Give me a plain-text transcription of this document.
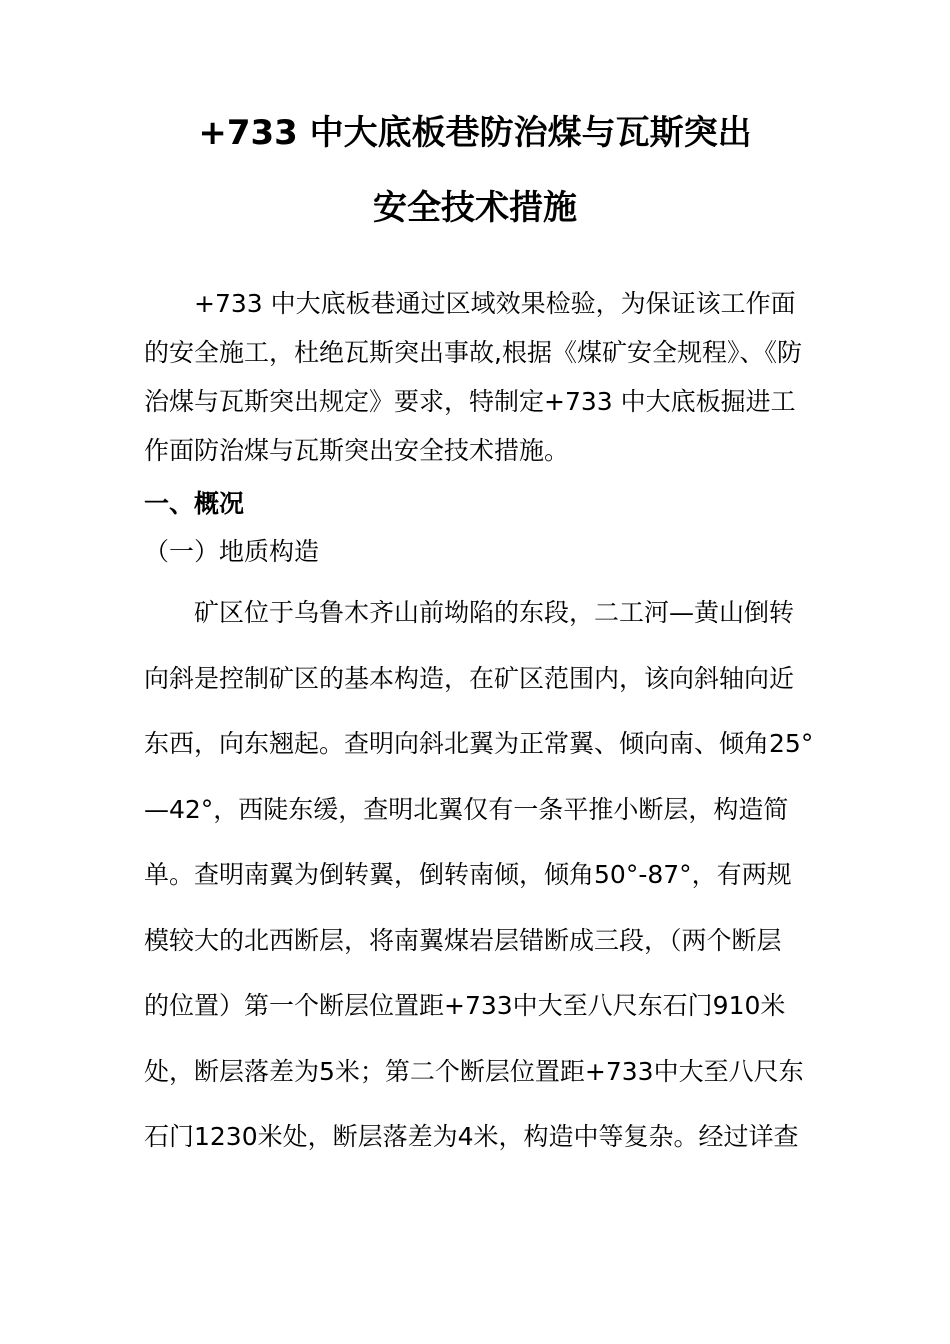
+733 中大底板巷防治煤与瓦斯突出
安全技术措施
+733 中大底板巷通过区域效果检验，为保证该工作面
的安全施工，杜绝瓦斯突出事故,根据《煤矿安全规程》、《防
治煤与瓦斯突出规定》要求，特制定+733 中大底板掘进工
作面防治煤与瓦斯突出安全技术措施。
一、概况
（一）地质构造
矿区位于乌鲁木齐山前坳陷的东段，二工河—黄山倒转
向斜是控制矿区的基本构造，在矿区范围内，该向斜轴向近
东西，向东翘起。查明向斜北翼为正常翼、倾向南、倾角25°
—42°，西陡东缓，查明北翼仅有一条平推小断层，构造简
单。查明南翼为倒转翼，倒转南倾，倾角50°-87°，有两规
模较大的北西断层，将南翼煤岩层错断成三段，（两个断层
的位置）第一个断层位置距+733中大至八尺东石门910米
处，断层落差为5米；第二个断层位置距+733中大至八尺东
石门1230米处，断层落差为4米，构造中等复杂。经过详查
